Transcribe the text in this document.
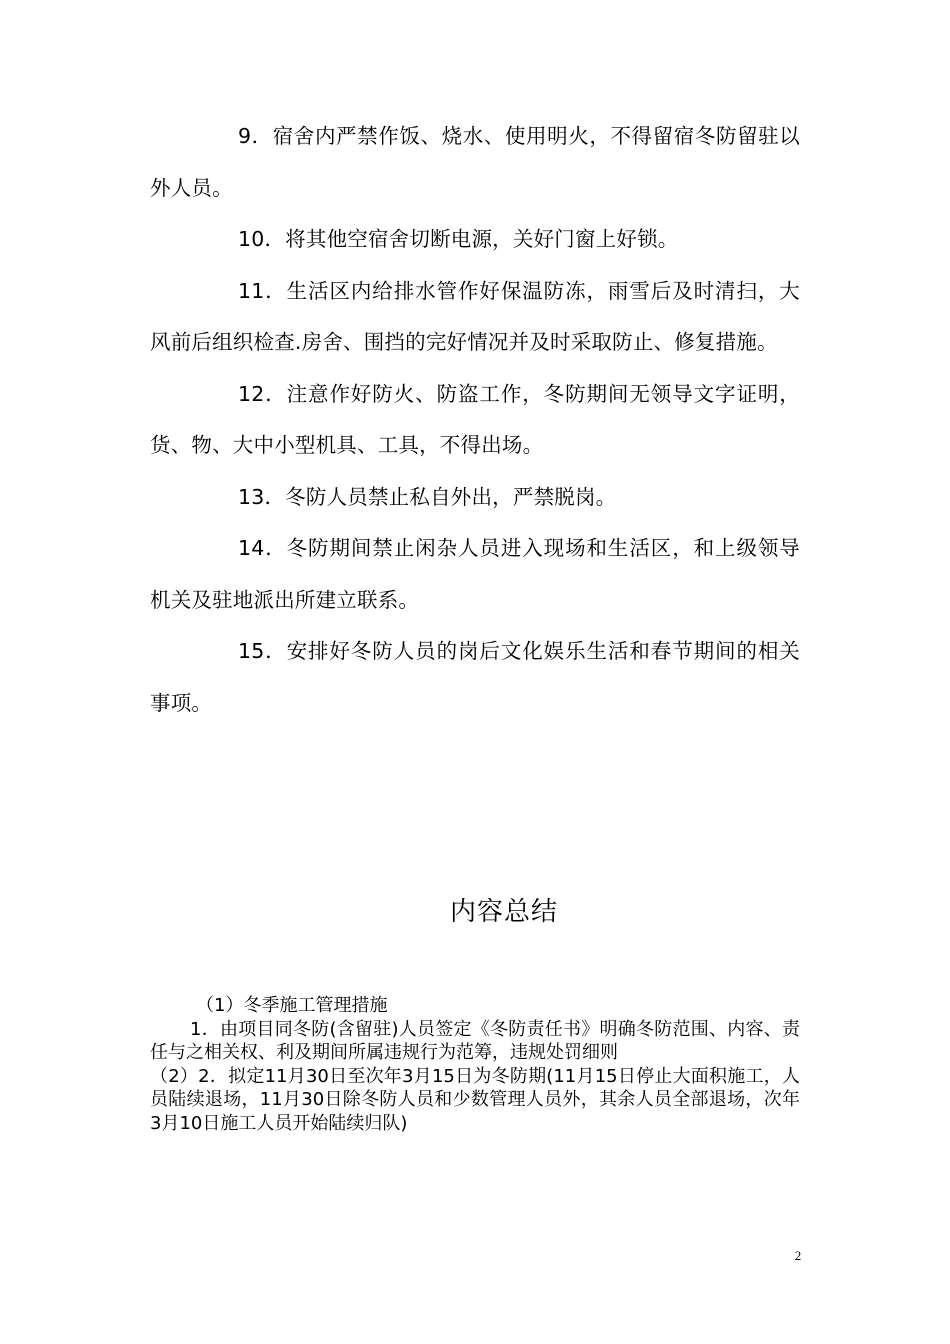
9．宿舍内严禁作饭、烧水、使用明火，不得留宿冬防留驻以外人员。

10．将其他空宿舍切断电源，关好门窗上好锁。

11．生活区内给排水管作好保温防冻，雨雪后及时清扫，大风前后组织检查.房舍、围挡的完好情况并及时采取防止、修复措施。

12．注意作好防火、防盗工作，冬防期间无领导文字证明，货、物、大中小型机具、工具，不得出场。

13．冬防人员禁止私自外出，严禁脱岗。

14．冬防期间禁止闲杂人员进入现场和生活区，和上级领导机关及驻地派出所建立联系。

15．安排好冬防人员的岗后文化娱乐生活和春节期间的相关事项。

内容总结

（1）冬季施工管理措施

1．由项目同冬防(含留驻)人员签定《冬防责任书》明确冬防范围、内容、责任与之相关权、利及期间所属违规行为范筹，违规处罚细则

（2）2．拟定11月30日至次年3月15日为冬防期(11月15日停止大面积施工，人员陆续退场，11月30日除冬防人员和少数管理人员外，其余人员全部退场，次年3月10日施工人员开始陆续归队)

2
